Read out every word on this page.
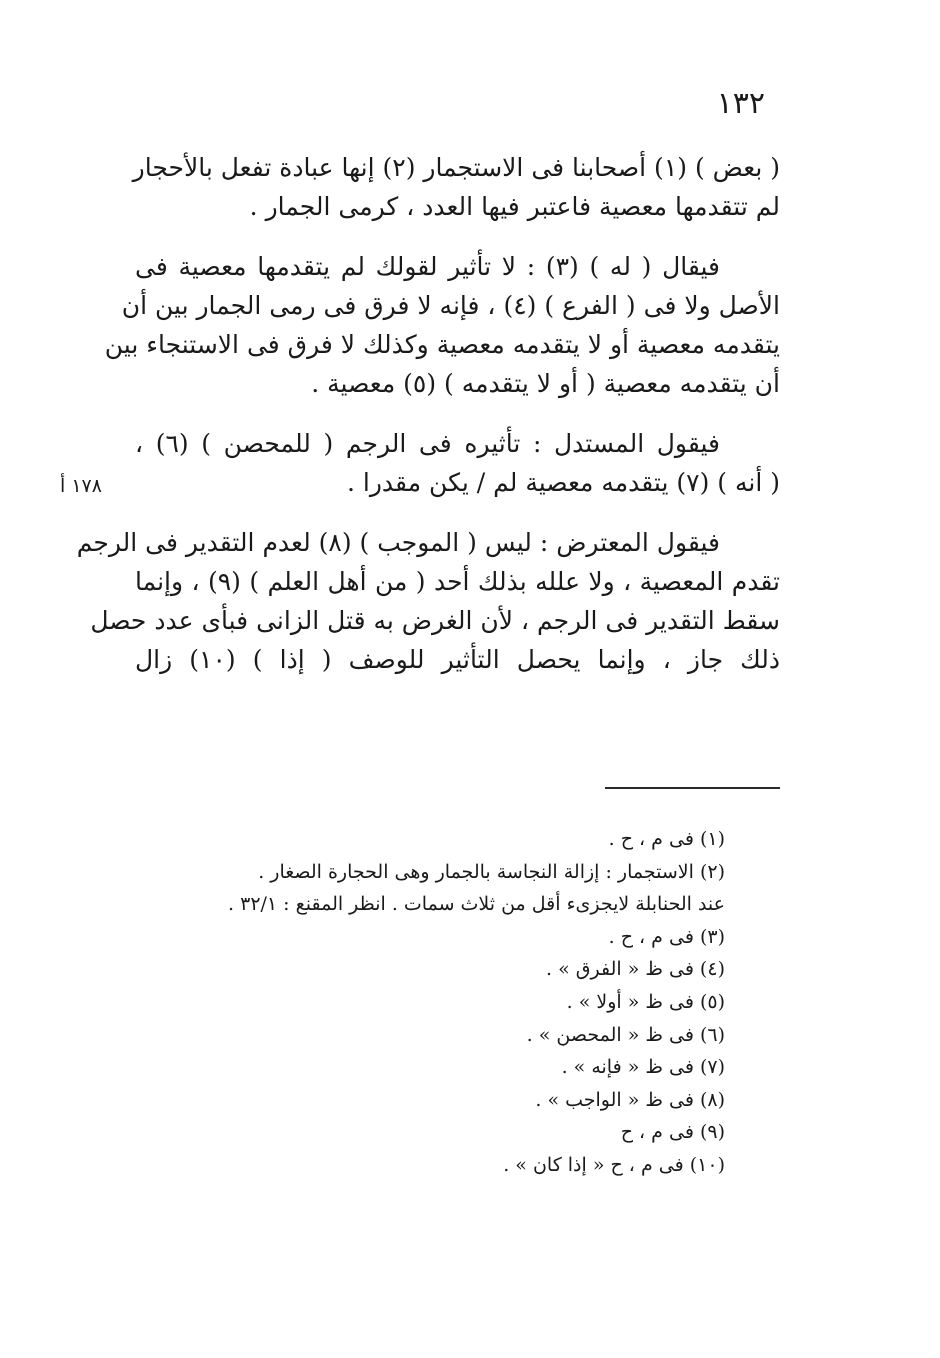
١٣٢

( بعض ) (١) أصحابنا فى الاستجمار (٢) إنها عبادة تفعل بالأحجار
لم تتقدمها معصية فاعتبر فيها العدد ، كرمى الجمار .

فيقال ( له ) (٣) : لا تأثير لقولك لم يتقدمها معصية فى
الأصل ولا فى ( الفرع ) (٤) ، فإنه لا فرق فى رمى الجمار بين أن
يتقدمه معصية أو لا يتقدمه معصية وكذلك لا فرق فى الاستنجاء بين
أن يتقدمه معصية ( أو لا يتقدمه ) (٥) معصية .

فيقول المستدل : تأثيره فى الرجم ( للمحصن ) (٦) ،
( أنه ) (٧) يتقدمه معصية لم / يكن مقدرا .
١٧٨ أ

فيقول المعترض : ليس ( الموجب ) (٨) لعدم التقدير فى الرجم
تقدم المعصية ، ولا علله بذلك أحد ( من أهل العلم ) (٩) ، وإنما
سقط التقدير فى الرجم ، لأن الغرض به قتل الزانى فبأى عدد حصل
ذلك جاز ، وإنما يحصل التأثير للوصف ( إذا ) (١٠) زال

(١) فى م ، ح .
(٢) الاستجمار : إزالة النجاسة بالجمار وهى الحجارة الصغار .
عند الحنابلة لايجزىء أقل من ثلاث سمات . انظر المقنع : ٣٢/١ .
(٣) فى م ، ح .
(٤) فى ظ « الفرق » .
(٥) فى ظ « أولا » .
(٦) فى ظ « المحصن » .
(٧) فى ظ « فإنه » .
(٨) فى ظ « الواجب » .
(٩) فى م ، ح
(١٠) فى م ، ح « إذا كان » .
